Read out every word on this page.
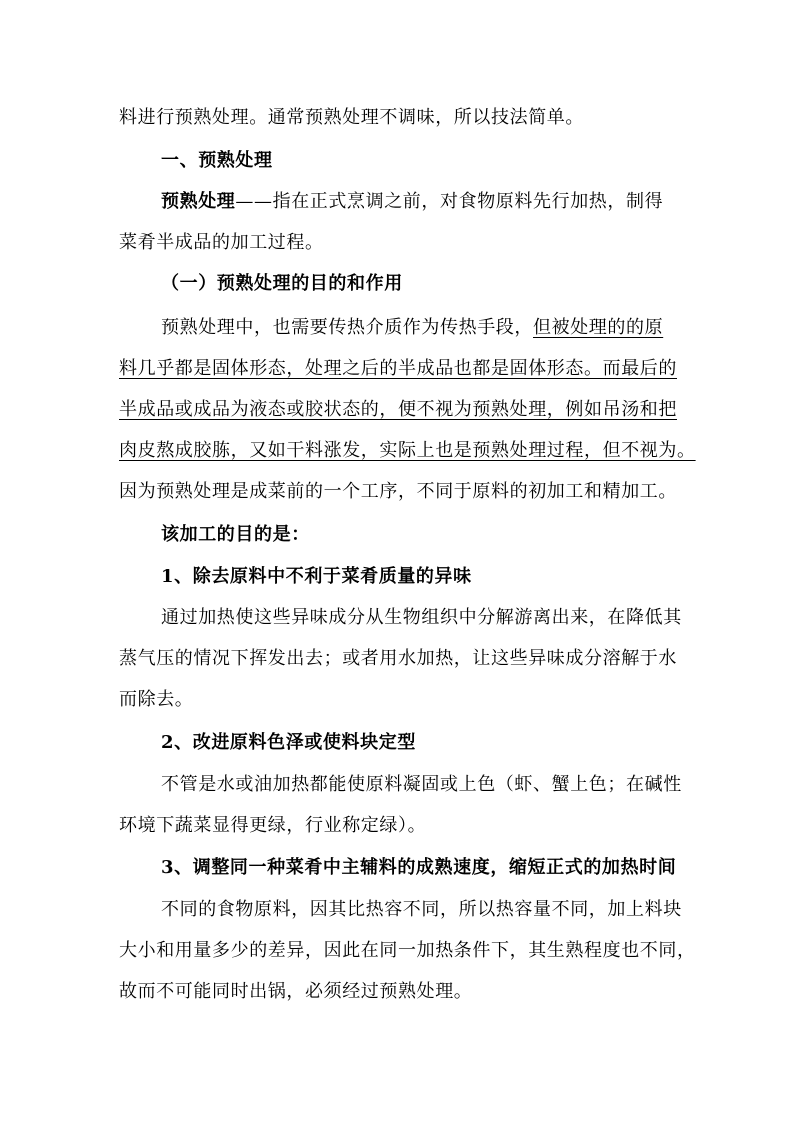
料进行预熟处理。通常预熟处理不调味，所以技法简单。
一、预熟处理
预熟处理——指在正式烹调之前，对食物原料先行加热，制得
菜肴半成品的加工过程。
（一）预熟处理的目的和作用
预熟处理中，也需要传热介质作为传热手段，但被处理的的原
料几乎都是固体形态，处理之后的半成品也都是固体形态。而最后的
半成品或成品为液态或胶状态的，便不视为预熟处理，例如吊汤和把
肉皮熬成胶胨，又如干料涨发，实际上也是预熟处理过程，但不视为。
因为预熟处理是成菜前的一个工序，不同于原料的初加工和精加工。
该加工的目的是：
1、除去原料中不利于菜肴质量的异味
通过加热使这些异味成分从生物组织中分解游离出来，在降低其
蒸气压的情况下挥发出去；或者用水加热，让这些异味成分溶解于水
而除去。
2、改进原料色泽或使料块定型
不管是水或油加热都能使原料凝固或上色（虾、蟹上色；在碱性
环境下蔬菜显得更绿，行业称定绿）。
3、调整同一种菜肴中主辅料的成熟速度，缩短正式的加热时间
不同的食物原料，因其比热容不同，所以热容量不同，加上料块
大小和用量多少的差异，因此在同一加热条件下，其生熟程度也不同，
故而不可能同时出锅，必须经过预熟处理。
